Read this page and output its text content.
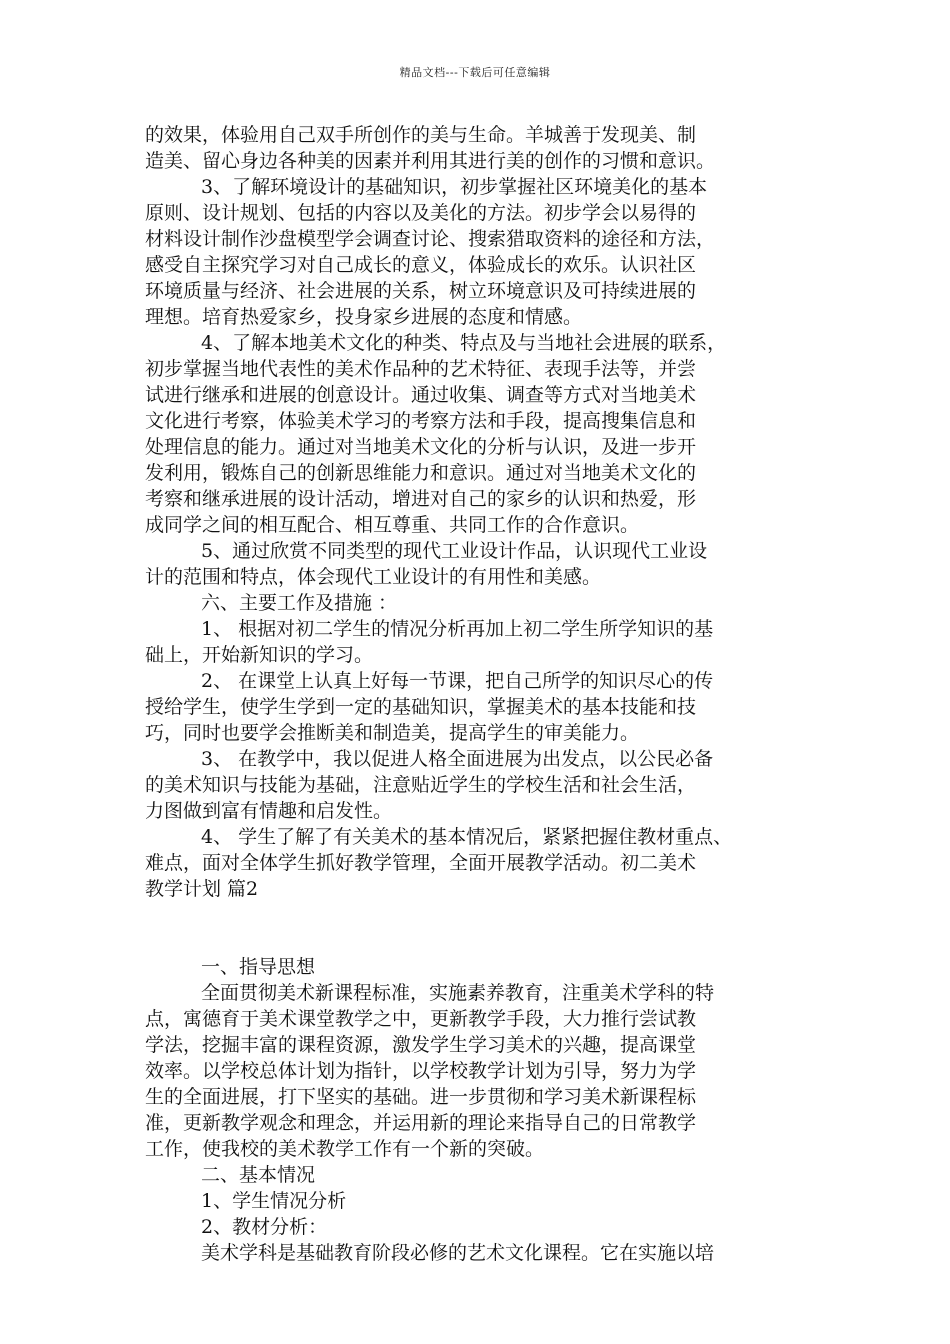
精品文档---下载后可任意编辑
的效果，体验用自己双手所创作的美与生命。羊城善于发现美、制
造美、留心身边各种美的因素并利用其进行美的创作的习惯和意识。
3、了解环境设计的基础知识，初步掌握社区环境美化的基本
原则、设计规划、包括的内容以及美化的方法。初步学会以易得的
材料设计制作沙盘模型学会调查讨论、搜索猎取资料的途径和方法，
感受自主探究学习对自己成长的意义，体验成长的欢乐。认识社区
环境质量与经济、社会进展的关系，树立环境意识及可持续进展的
理想。培育热爱家乡，投身家乡进展的态度和情感。
4、了解本地美术文化的种类、特点及与当地社会进展的联系，
初步掌握当地代表性的美术作品种的艺术特征、表现手法等，并尝
试进行继承和进展的创意设计。通过收集、调查等方式对当地美术
文化进行考察，体验美术学习的考察方法和手段，提高搜集信息和
处理信息的能力。通过对当地美术文化的分析与认识，及进一步开
发利用，锻炼自己的创新思维能力和意识。通过对当地美术文化的
考察和继承进展的设计活动，增进对自己的家乡的认识和热爱，形
成同学之间的相互配合、相互尊重、共同工作的合作意识。
5、通过欣赏不同类型的现代工业设计作品，认识现代工业设
计的范围和特点，体会现代工业设计的有用性和美感。
六、主要工作及措施 ：
1、 根据对初二学生的情况分析再加上初二学生所学知识的基
础上，开始新知识的学习。
2、 在课堂上认真上好每一节课，把自己所学的知识尽心的传
授给学生，使学生学到一定的基础知识，掌握美术的基本技能和技
巧，同时也要学会推断美和制造美，提高学生的审美能力。
3、 在教学中，我以促进人格全面进展为出发点，以公民必备
的美术知识与技能为基础，注意贴近学生的学校生活和社会生活，
力图做到富有情趣和启发性。
4、 学生了解了有关美术的基本情况后，紧紧把握住教材重点、
难点，面对全体学生抓好教学管理，全面开展教学活动。初二美术
教学计划 篇2
一、指导思想
全面贯彻美术新课程标准，实施素养教育，注重美术学科的特
点，寓德育于美术课堂教学之中，更新教学手段，大力推行尝试教
学法，挖掘丰富的课程资源，激发学生学习美术的兴趣，提高课堂
效率。以学校总体计划为指针，以学校教学计划为引导，努力为学
生的全面进展，打下坚实的基础。进一步贯彻和学习美术新课程标
准，更新教学观念和理念，并运用新的理论来指导自己的日常教学
工作，使我校的美术教学工作有一个新的突破。
二、基本情况
1、学生情况分析
2、教材分析：
美术学科是基础教育阶段必修的艺术文化课程。它在实施以培
